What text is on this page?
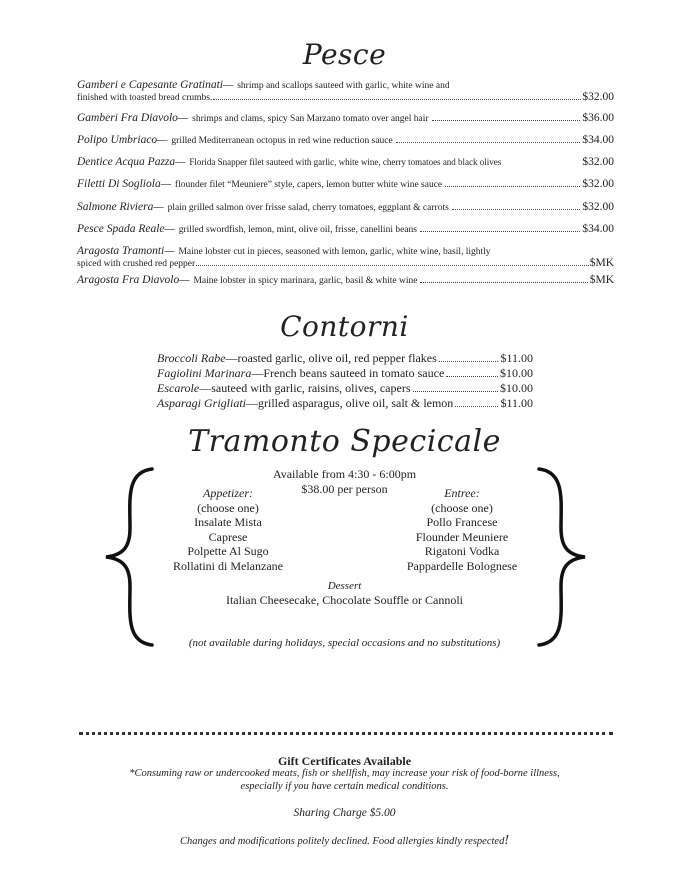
Pesce
Gamberi e Capesante Gratinati— shrimp and scallops sauteed with garlic, white wine and
finished with toasted bread crumbs.	$32.00
Gamberi Fra Diavolo— shrimps and clams, spicy San Marzano tomato over angel hair	$36.00
Polipo Umbriaco— grilled Mediterranean octopus in red wine reduction sauce	$34.00
Dentice Acqua Pazza— Florida Snapper filet sauteed with garlic, white wine, cherry tomatoes and black olives	$32.00
Filetti Di Sogliola— flounder filet “Meuniere” style, capers, lemon butter white wine sauce	$32.00
Salmone Riviera— plain grilled salmon over frisse salad, cherry tomatoes, eggplant & carrots	$32.00
Pesce Spada Reale— grilled swordfish, lemon, mint, olive oil, frisse, canellini beans	$34.00
Aragosta Tramonti— Maine lobster cut in pieces, seasoned with lemon, garlic, white wine, basil, lightly
spiced with crushed red pepper	$MK
Aragosta Fra Diavolo— Maine lobster in spicy marinara, garlic, basil & white wine	$MK
Contorni
Broccoli Rabe —roasted garlic, olive oil, red pepper flakes	$11.00
Fagiolini Marinara —French beans sauteed in tomato sauce	$10.00
Escarole —sauteed with garlic, raisins, olives, capers	$10.00
Asparagi Grigliati —grilled asparagus, olive oil, salt & lemon	$11.00
Tramonto Specicale
Available from 4:30 - 6:00pm
$38.00 per person
Appetizer:
(choose one)
Insalate Mista
Caprese
Polpette Al Sugo
Rollatini di Melanzane
Entree:
(choose one)
Pollo Francese
Flounder Meuniere
Rigatoni Vodka
Pappardelle Bolognese
Dessert
Italian Cheesecake, Chocolate Souffle or Cannoli
(not available during holidays, special occasions and no substitutions)
Gift Certificates Available
*Consuming raw or undercooked meats, fish or shellfish, may increase your risk of food-borne illness,
especially if you have certain medical conditions.
Sharing Charge $5.00
Changes and modifications politely declined. Food allergies kindly respected!
